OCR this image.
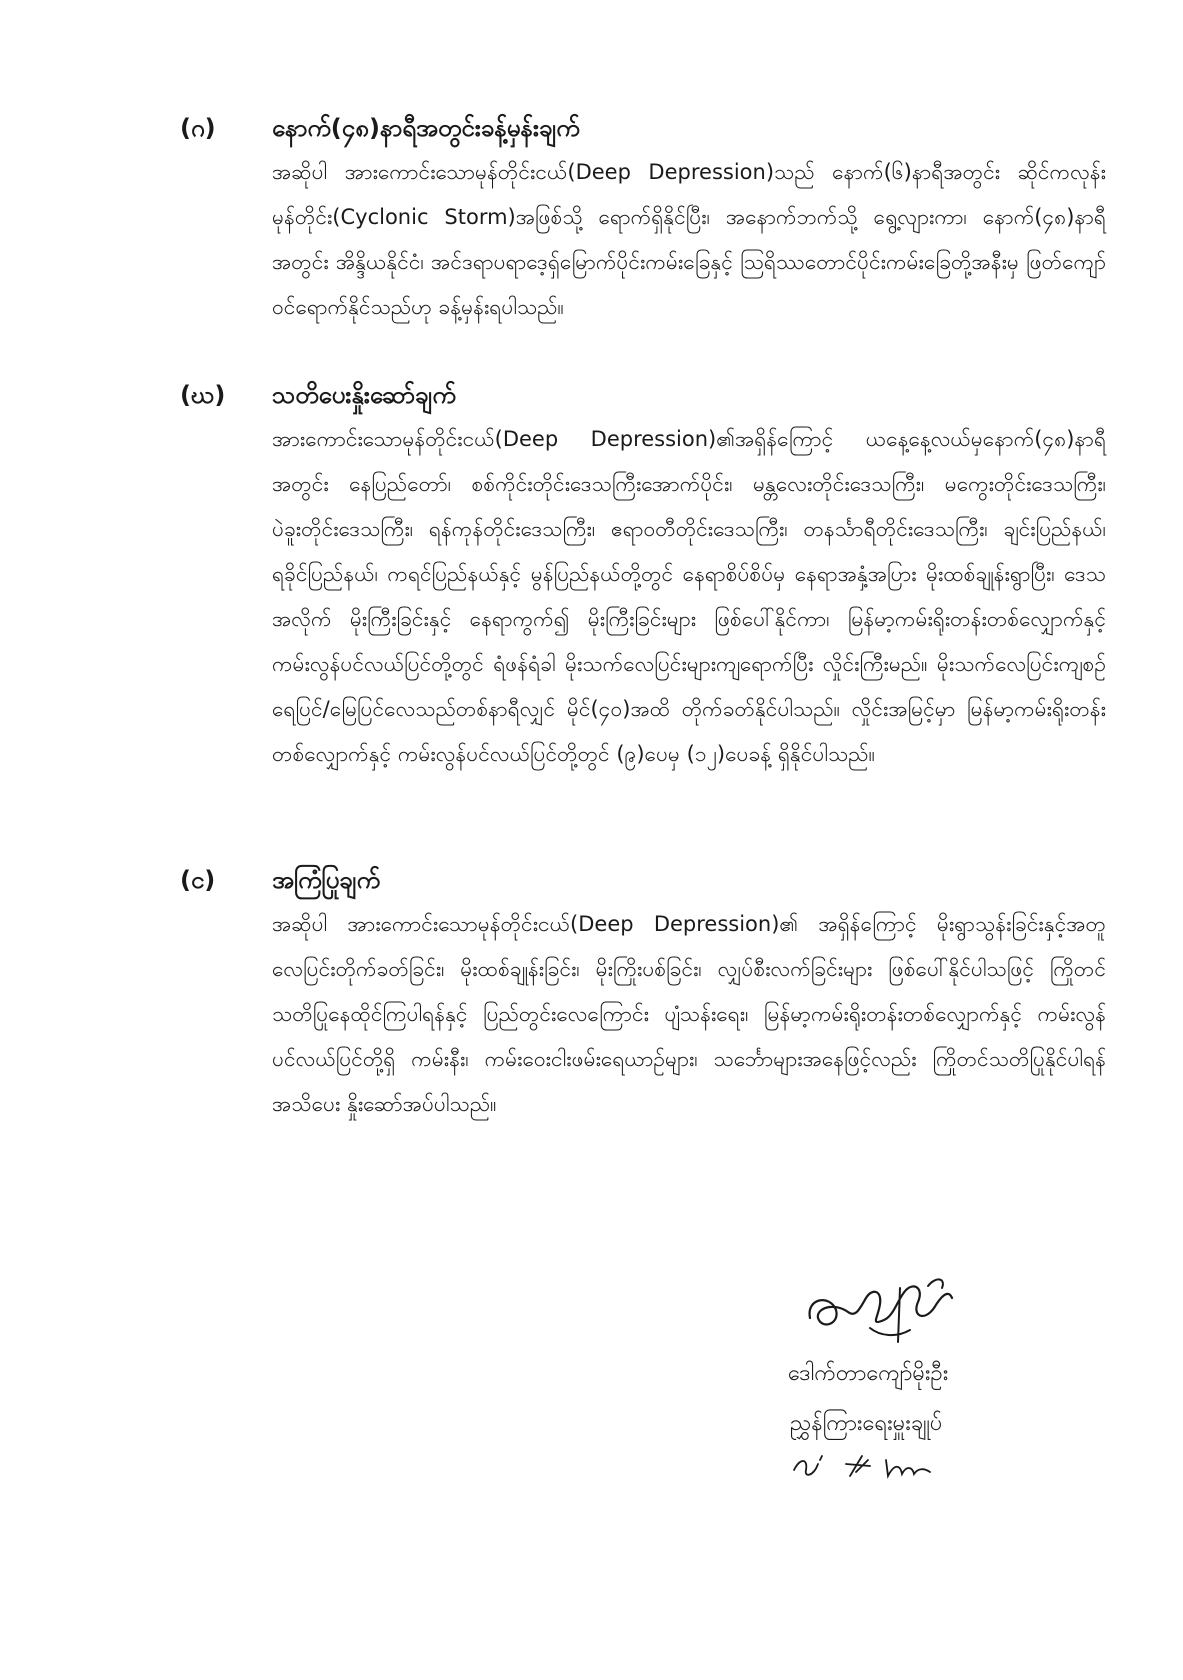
(ဂ)	နောက်(၄၈)နာရီအတွင်းခန့်မှန်းချက်
အဆိုပါ အားကောင်းသောမုန်တိုင်းငယ်(Deep Depression)သည် နောက်(၆)နာရီအတွင်း ဆိုင်ကလုန်းမုန်တိုင်း(Cyclonic Storm)အဖြစ်သို့ ရောက်ရှိနိုင်ပြီး၊ အနောက်ဘက်သို့ ရွေ့လျားကာ၊ နောက်(၄၈)နာရီအတွင်း အိန္ဒိယနိုင်ငံ၊ အင်ဒရာပရာဒေ့ရှ်မြောက်ပိုင်းကမ်းခြေနှင့် ဩရိဿတောင်ပိုင်းကမ်းခြေတို့အနီးမှ ဖြတ်ကျော်ဝင်ရောက်နိုင်သည်ဟု ခန့်မှန်းရပါသည်။
(ဃ)	သတိပေးနှိုးဆော်ချက်
အားကောင်းသောမုန်တိုင်းငယ်(Deep Depression)၏အရှိန်ကြောင့် ယနေ့နေ့လယ်မှနောက်(၄၈)နာရီအတွင်း နေပြည်တော်၊ စစ်ကိုင်းတိုင်းဒေသကြီးအောက်ပိုင်း၊ မန္တလေးတိုင်းဒေသကြီး၊ မကွေးတိုင်းဒေသကြီး၊ ပဲခူးတိုင်းဒေသကြီး၊ ရန်ကုန်တိုင်းဒေသကြီး၊ ဧရာဝတီတိုင်းဒေသကြီး၊ တနင်္သာရီတိုင်းဒေသကြီး၊ ချင်းပြည်နယ်၊ ရခိုင်ပြည်နယ်၊ ကရင်ပြည်နယ်နှင့် မွန်ပြည်နယ်တို့တွင် နေရာစိပ်စိပ်မှ နေရာအနှံ့အပြား မိုးထစ်ချုန်းရွာပြီး၊ ဒေသအလိုက် မိုးကြီးခြင်းနှင့် နေရာကွက်၍ မိုးကြီးခြင်းများ ဖြစ်ပေါ်နိုင်ကာ၊ မြန်မာ့ကမ်းရိုးတန်းတစ်လျှောက်နှင့် ကမ်းလွန်ပင်လယ်ပြင်တို့တွင် ရံဖန်ရံခါ မိုးသက်လေပြင်းများကျရောက်ပြီး လှိုင်းကြီးမည်။ မိုးသက်လေပြင်းကျစဉ် ရေပြင်/မြေပြင်လေသည်တစ်နာရီလျှင် မိုင်(၄၀)အထိ တိုက်ခတ်နိုင်ပါသည်။ လှိုင်းအမြင့်မှာ မြန်မာ့ကမ်းရိုးတန်းတစ်လျှောက်နှင့် ကမ်းလွန်ပင်လယ်ပြင်တို့တွင် (၉)ပေမှ (၁၂)ပေခန့် ရှိနိုင်ပါသည်။
(င)	အကြံပြုချက်
အဆိုပါ အားကောင်းသောမုန်တိုင်းငယ်(Deep Depression)၏ အရှိန်ကြောင့် မိုးရွာသွန်းခြင်းနှင့်အတူ လေပြင်းတိုက်ခတ်ခြင်း၊ မိုးထစ်ချုန်းခြင်း၊ မိုးကြိုးပစ်ခြင်း၊ လျှပ်စီးလက်ခြင်းများ ဖြစ်ပေါ်နိုင်ပါသဖြင့် ကြိုတင်သတိပြုနေထိုင်ကြပါရန်နှင့် ပြည်တွင်းလေကြောင်း ပျံသန်းရေး၊ မြန်မာ့ကမ်းရိုးတန်းတစ်လျှောက်နှင့် ကမ်းလွန်ပင်လယ်ပြင်တို့ရှိ ကမ်းနီး၊ ကမ်းဝေးငါးဖမ်းရေယာဉ်များ၊ သင်္ဘောများအနေဖြင့်လည်း ကြိုတင်သတိပြုနိုင်ပါရန် အသိပေး နှိုးဆော်အပ်ပါသည်။
ဒေါက်တာကျော်မိုးဦး
ညွှန်ကြားရေးမှူးချုပ်
